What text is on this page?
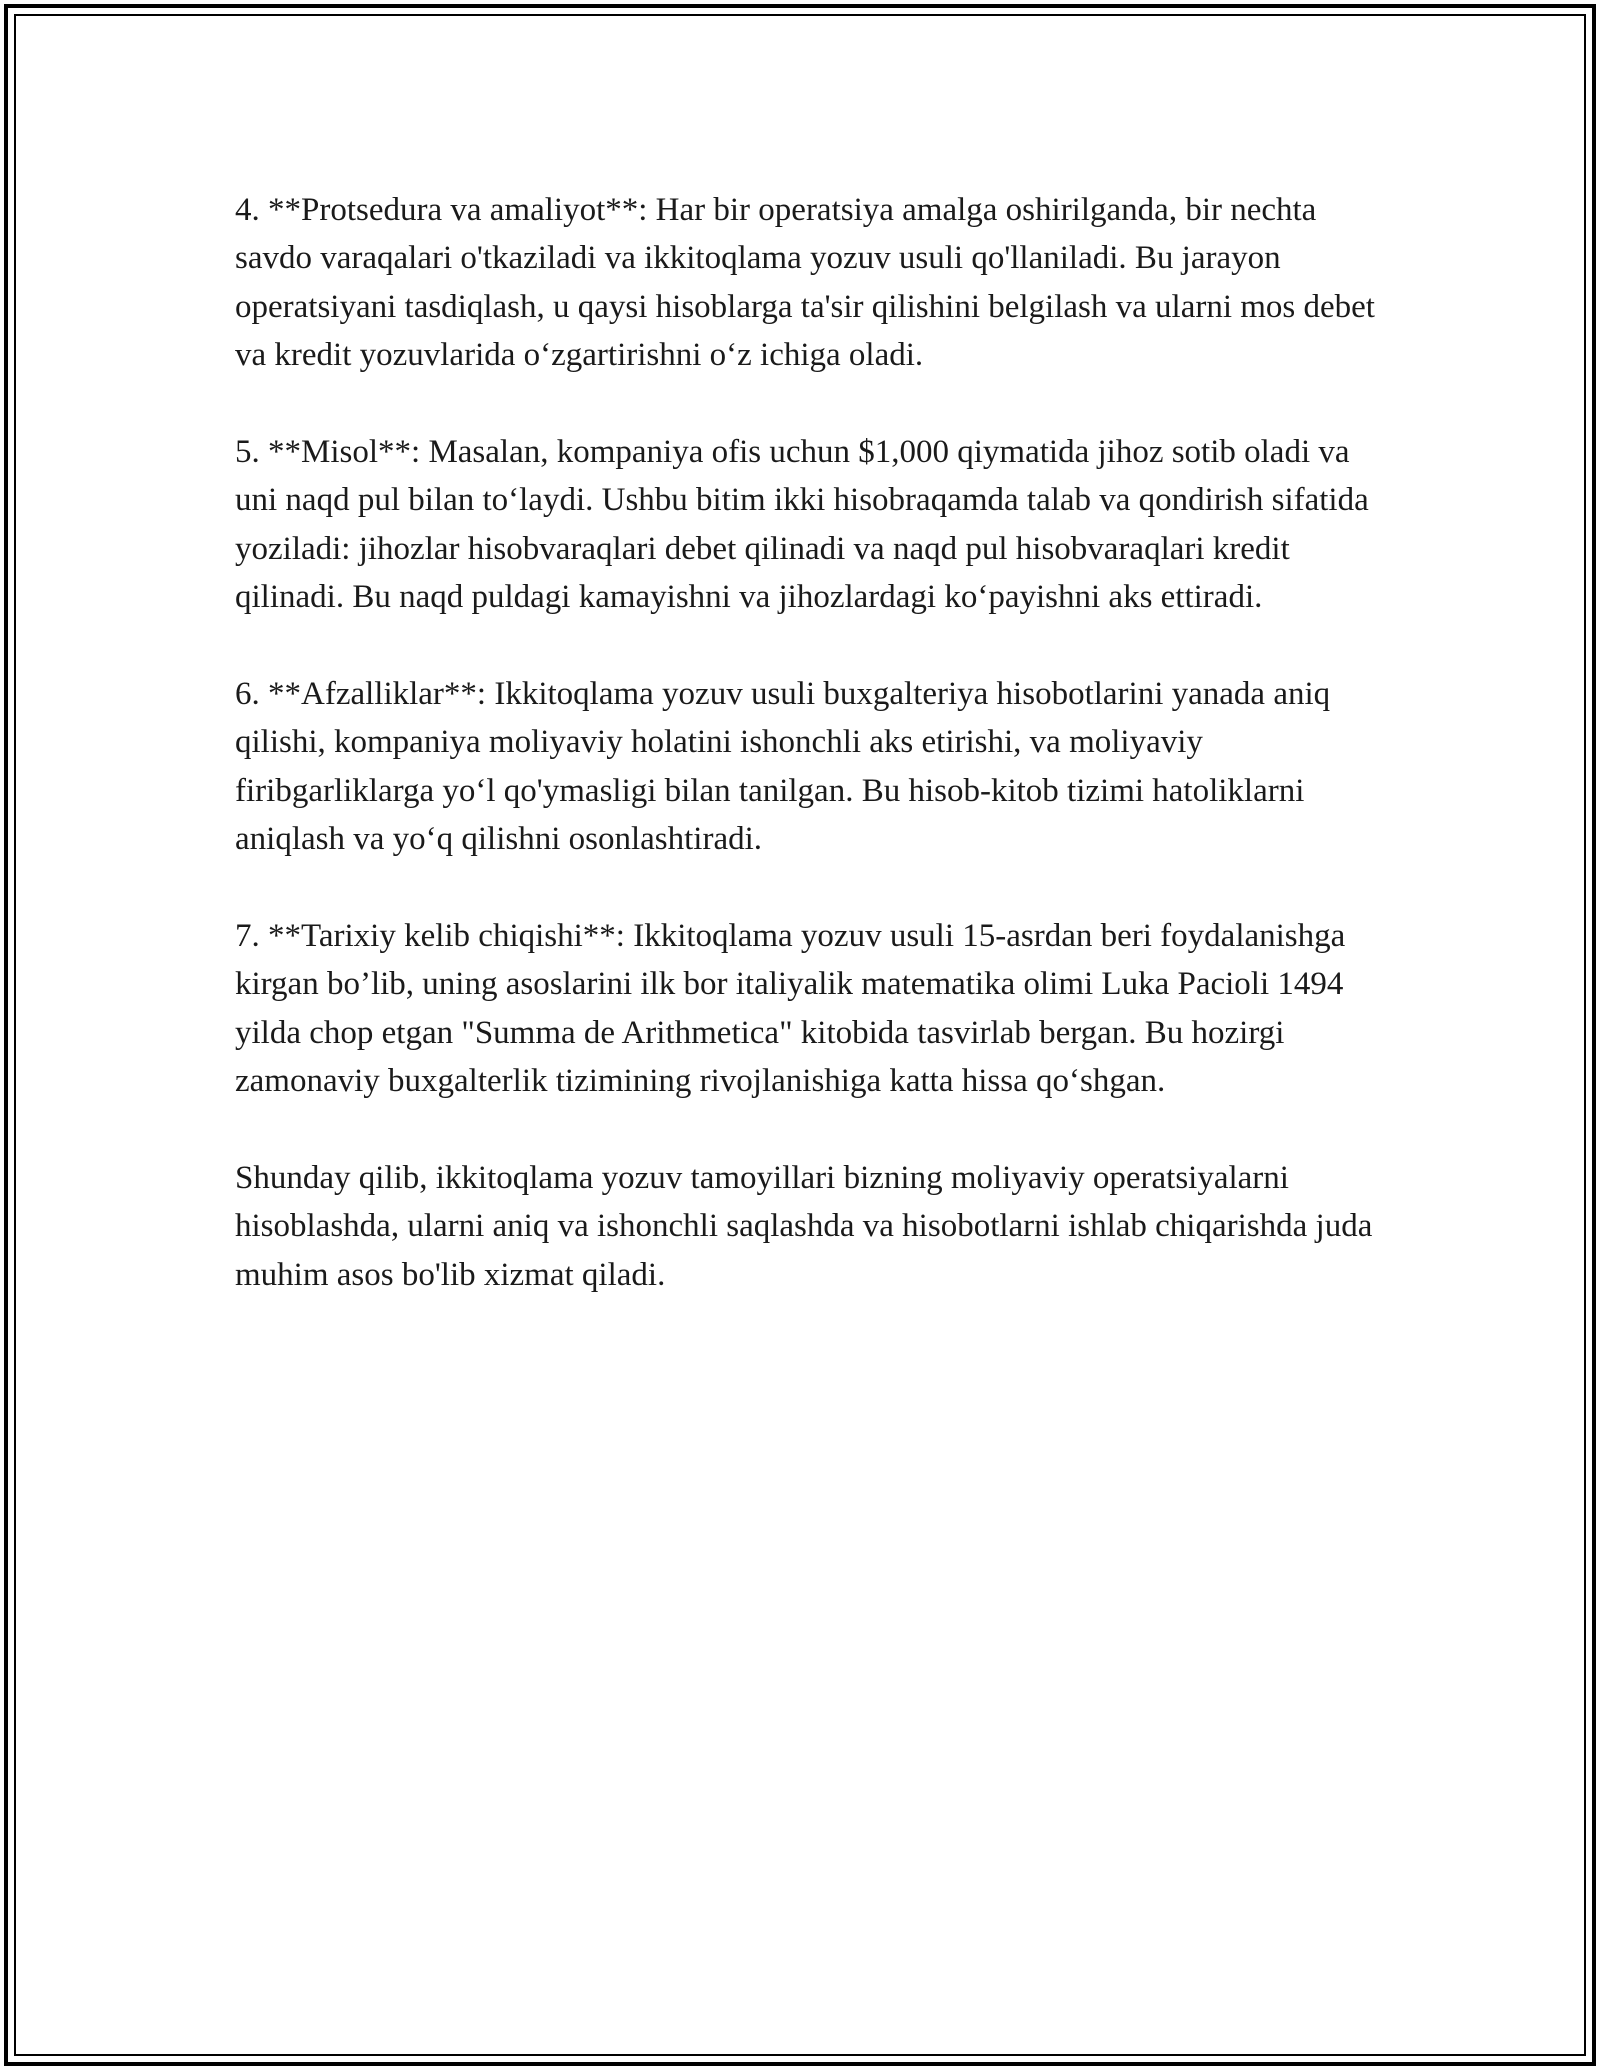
4. **Protsedura va amaliyot**: Har bir operatsiya amalga oshirilganda, bir nechta savdo varaqalari o'tkaziladi va ikkitoqlama yozuv usuli qo'llaniladi. Bu jarayon operatsiyani tasdiqlash, u qaysi hisoblarga ta'sir qilishini belgilash va ularni mos debet va kredit yozuvlarida oʻzgartirishni oʻz ichiga oladi.

5. **Misol**: Masalan, kompaniya ofis uchun $1,000 qiymatida jihoz sotib oladi va uni naqd pul bilan toʻlaydi. Ushbu bitim ikki hisobraqamda talab va qondirish sifatida yoziladi: jihozlar hisobvaraqlari debet qilinadi va naqd pul hisobvaraqlari kredit qilinadi. Bu naqd puldagi kamayishni va jihozlardagi koʻpayishni aks ettiradi.

6. **Afzalliklar**: Ikkitoqlama yozuv usuli buxgalteriya hisobotlarini yanada aniq qilishi, kompaniya moliyaviy holatini ishonchli aks etirishi, va moliyaviy firibgarliklarga yoʻl qo'ymasligi bilan tanilgan. Bu hisob-kitob tizimi hatoliklarni aniqlash va yoʻq qilishni osonlashtiradi.

7. **Tarixiy kelib chiqishi**: Ikkitoqlama yozuv usuli 15-asrdan beri foydalanishga kirgan bo’lib, uning asoslarini ilk bor italiyalik matematika olimi Luka Pacioli 1494 yilda chop etgan "Summa de Arithmetica" kitobida tasvirlab bergan. Bu hozirgi zamonaviy buxgalterlik tizimining rivojlanishiga katta hissa qoʻshgan.

Shunday qilib, ikkitoqlama yozuv tamoyillari bizning moliyaviy operatsiyalarni hisoblashda, ularni aniq va ishonchli saqlashda va hisobotlarni ishlab chiqarishda juda muhim asos bo'lib xizmat qiladi.
